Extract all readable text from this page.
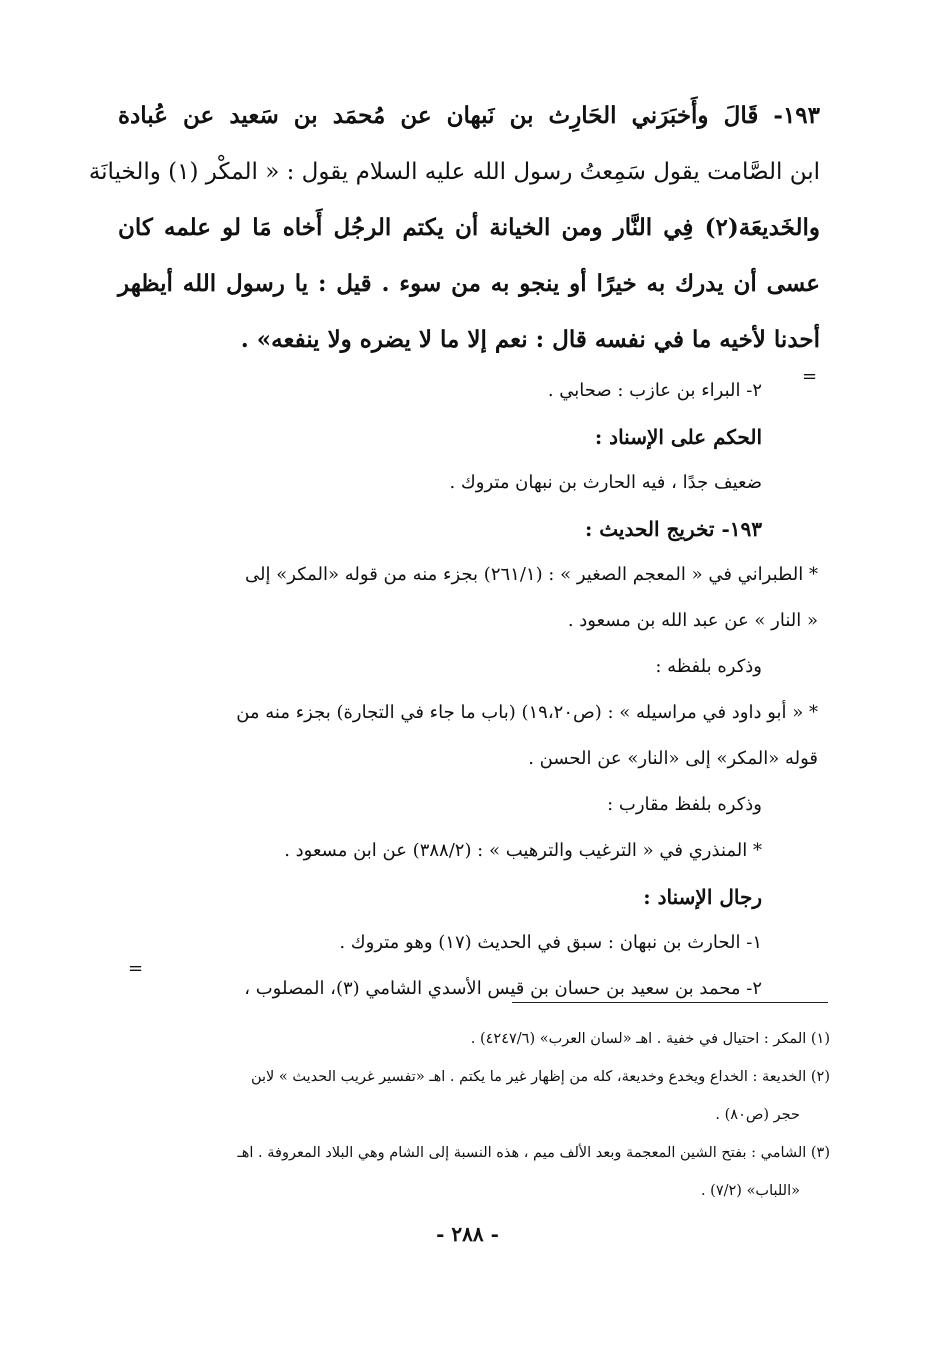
١٩٣- قَالَ وأَخبَرَني الحَارِث بن نَبهان عن مُحمَد بن سَعيد عن عُبادة
ابن الصَّامت يقول سَمِعتُ رسول الله عليه السلام يقول : « المكْر (١) والخيانَة
والخَديعَة(٢) فِي النَّار ومن الخيانة أن يكتم الرجُل أَخاه مَا لو علمه كان
عسى أن يدرك به خيرًا أو ينجو به من سوء . قيل : يا رسول الله أيظهر
أحدنا لأخيه ما في نفسه قال : نعم إلا ما لا يضره ولا ينفعه» .
=
٢- البراء بن عازب : صحابي .
الحكم على الإسناد :
ضعيف جدًا ، فيه الحارث بن نبهان متروك .
١٩٣- تخريج الحديث :
* الطبراني في « المعجم الصغير » : (٢٦١/١) بجزء منه من قوله «المكر» إلى
« النار » عن عبد الله بن مسعود .
وذكره بلفظه :
* « أبو داود في مراسيله » : (ص١٩،٢٠) (باب ما جاء في التجارة) بجزء منه من
قوله «المكر» إلى «النار» عن الحسن .
وذكره بلفظ مقارب :
* المنذري في « الترغيب والترهيب » : (٣٨٨/٢) عن ابن مسعود .
رجال الإسناد :
١- الحارث بن نبهان : سبق في الحديث (١٧) وهو متروك .
٢- محمد بن سعيد بن حسان بن قيس الأسدي الشامي (٣)، المصلوب ،
=
(١) المكر : احتيال في خفية . اهـ «لسان العرب» (٤٢٤٧/٦) .
(٢) الخديعة : الخداع ويخدع وخديعة، كله من إظهار غير ما يكتم . اهـ «تفسير غريب الحديث » لابن
حجر (ص٨٠) .
(٣) الشامي : بفتح الشين المعجمة وبعد الألف ميم ، هذه النسبة إلى الشام وهي البلاد المعروفة . اهـ
«اللباب» (٧/٢) .
- ٢٨٨ -
